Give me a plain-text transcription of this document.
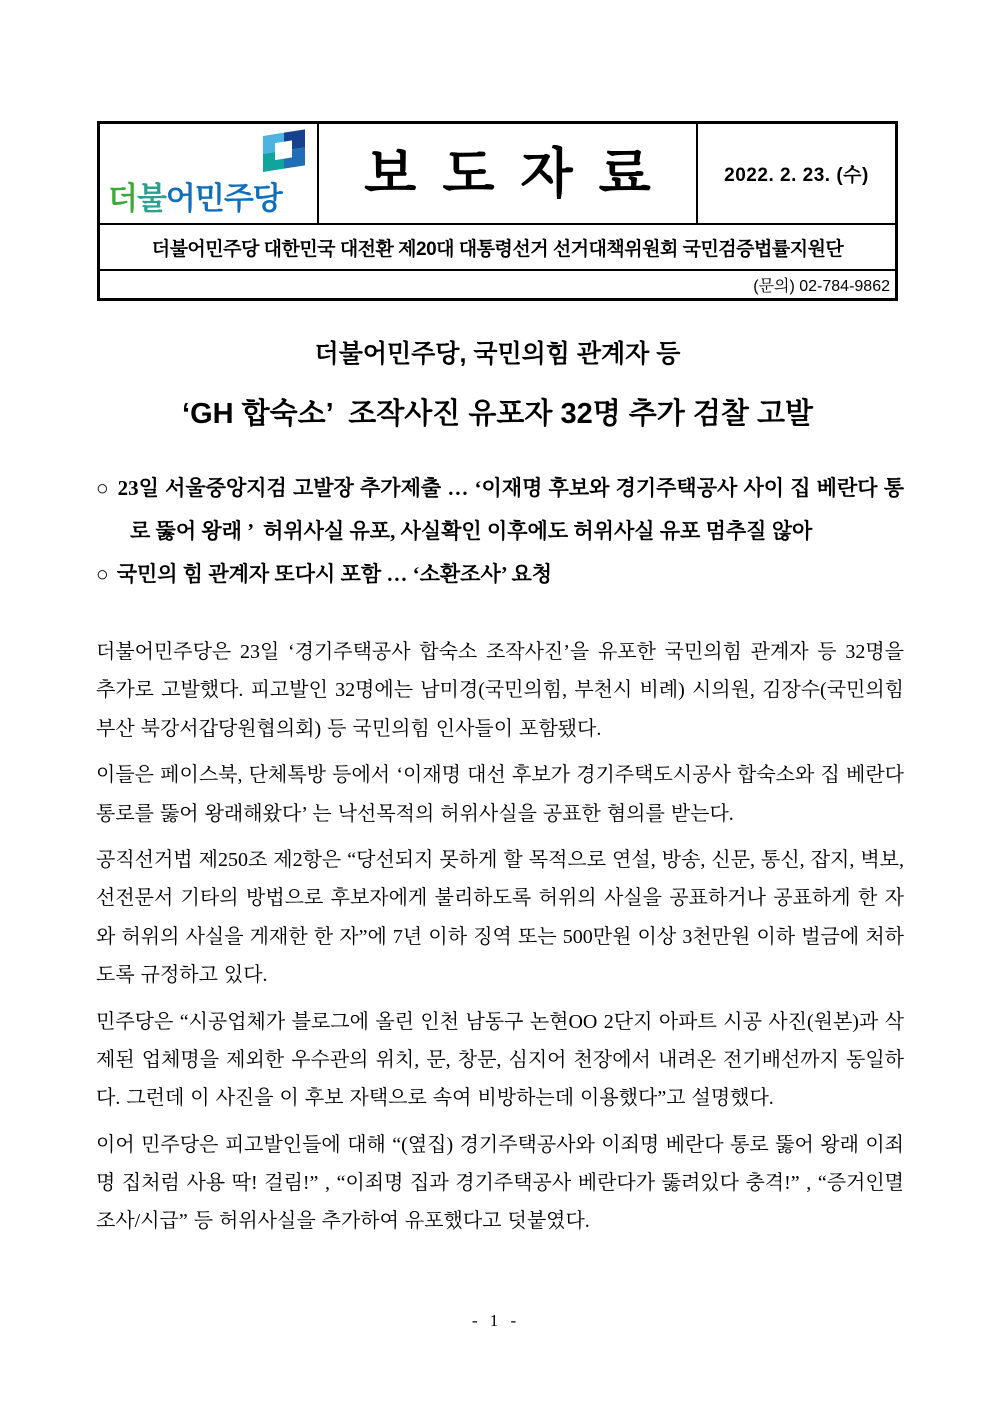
더불어민주당 보도자료 2022. 2. 23. (수)
더불어민주당 대한민국 대전환 제20대 대통령선거 선거대책위원회 국민검증법률지원단
(문의) 02-784-9862
더불어민주당, 국민의힘 관계자 등
‘GH 합숙소’  조작사진 유포자 32명 추가 검찰 고발
○ 23일 서울중앙지검 고발장 추가제출 … ‘이재명 후보와 경기주택공사 사이 집 베란다 통로 뚫어 왕래 ’  허위사실 유포, 사실확인 이후에도 허위사실 유포 멈추질 않아
○ 국민의 힘 관계자 또다시 포함 … ‘소환조사’ 요청

더불어민주당은 23일 ‘경기주택공사 합숙소 조작사진’을 유포한 국민의힘 관계자 등 32명을 추가로 고발했다. 피고발인 32명에는 남미경(국민의힘, 부천시 비례) 시의원, 김장수(국민의힘 부산 북강서갑당원협의회) 등 국민의힘 인사들이 포함됐다.

이들은 페이스북, 단체톡방 등에서 ‘이재명 대선 후보가 경기주택도시공사 합숙소와 집 베란다 통로를 뚫어 왕래해왔다’ 는 낙선목적의 허위사실을 공표한 혐의를 받는다.

공직선거법 제250조 제2항은 “당선되지 못하게 할 목적으로 연설, 방송, 신문, 통신, 잡지, 벽보, 선전문서 기타의 방법으로 후보자에게 불리하도록 허위의 사실을 공표하거나 공표하게 한 자와 허위의 사실을 게재한 한 자”에 7년 이하 징역 또는 500만원 이상 3천만원 이하 벌금에 처하도록 규정하고 있다.

민주당은 “시공업체가 블로그에 올린 인천 남동구 논현OO 2단지 아파트 시공 사진(원본)과 삭제된 업체명을 제외한 우수관의 위치, 문, 창문, 심지어 천장에서 내려온 전기배선까지 동일하다. 그런데 이 사진을 이 후보 자택으로 속여 비방하는데 이용했다”고 설명했다.

이어 민주당은 피고발인들에 대해 “(옆집) 경기주택공사와 이죄명 베란다 통로 뚫어 왕래 이죄명 집처럼 사용 딱! 걸림!” , “이죄명 집과 경기주택공사 베란다가 뚫려있다 충격!” , “증거인멸 조사/시급” 등 허위사실을 추가하여 유포했다고 덧붙였다.

- 1 -
